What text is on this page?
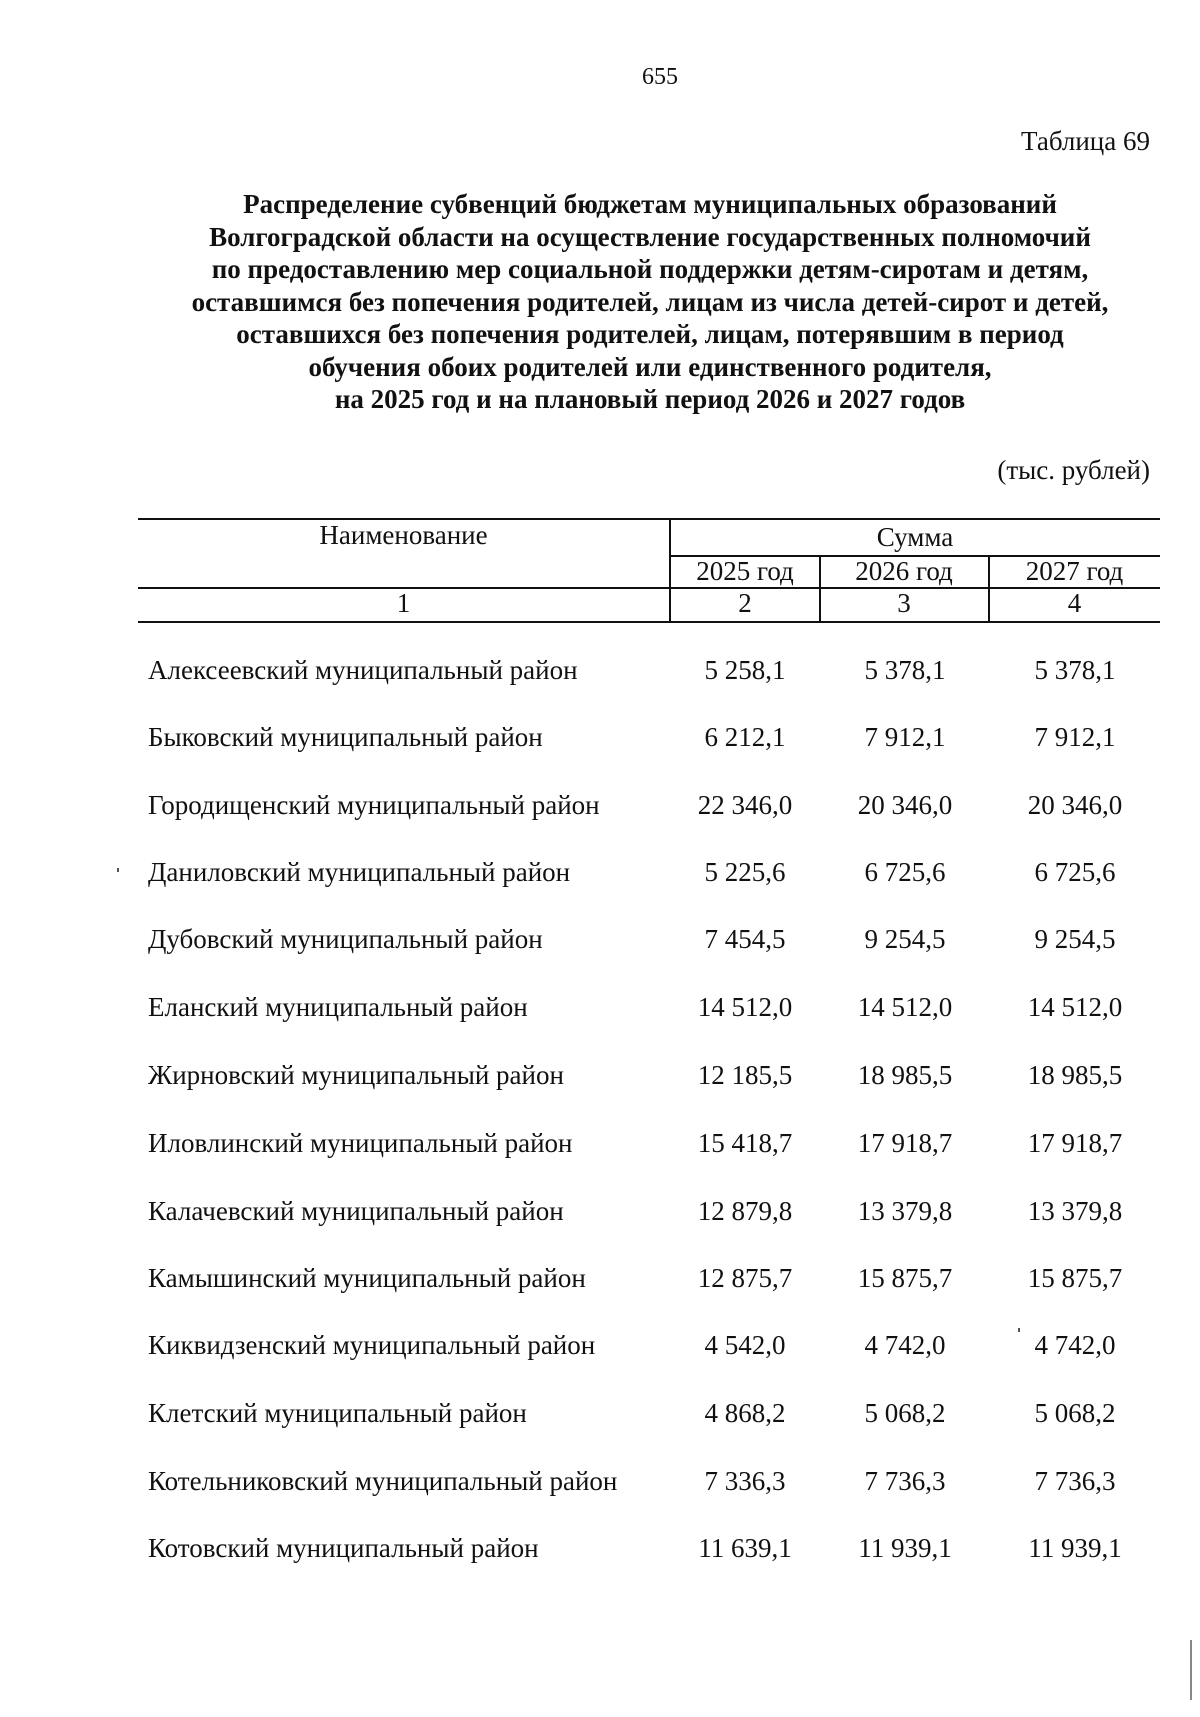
655
Таблица 69
Распределение субвенций бюджетам муниципальных образований
Волгоградской области на осуществление государственных полномочий
по предоставлению мер социальной поддержки детям-сиротам и детям,
оставшимся без попечения родителей, лицам из числа детей-сирот и детей,
оставшихся без попечения родителей, лицам, потерявшим в период
обучения обоих родителей или единственного родителя,
на 2025 год и на плановый период 2026 и 2027 годов
(тыс. рублей)
Наименование	Сумма
2025 год	2026 год	2027 год
1	2	3	4
Алексеевский муниципальный район	5 258,1	5 378,1	5 378,1
Быковский муниципальный район	6 212,1	7 912,1	7 912,1
Городищенский муниципальный район	22 346,0	20 346,0	20 346,0
Даниловский муниципальный район	5 225,6	6 725,6	6 725,6
Дубовский муниципальный район	7 454,5	9 254,5	9 254,5
Еланский муниципальный район	14 512,0	14 512,0	14 512,0
Жирновский муниципальный район	12 185,5	18 985,5	18 985,5
Иловлинский муниципальный район	15 418,7	17 918,7	17 918,7
Калачевский муниципальный район	12 879,8	13 379,8	13 379,8
Камышинский муниципальный район	12 875,7	15 875,7	15 875,7
Киквидзенский муниципальный район	4 542,0	4 742,0	4 742,0
Клетский муниципальный район	4 868,2	5 068,2	5 068,2
Котельниковский муниципальный район	7 336,3	7 736,3	7 736,3
Котовский муниципальный район	11 639,1	11 939,1	11 939,1
